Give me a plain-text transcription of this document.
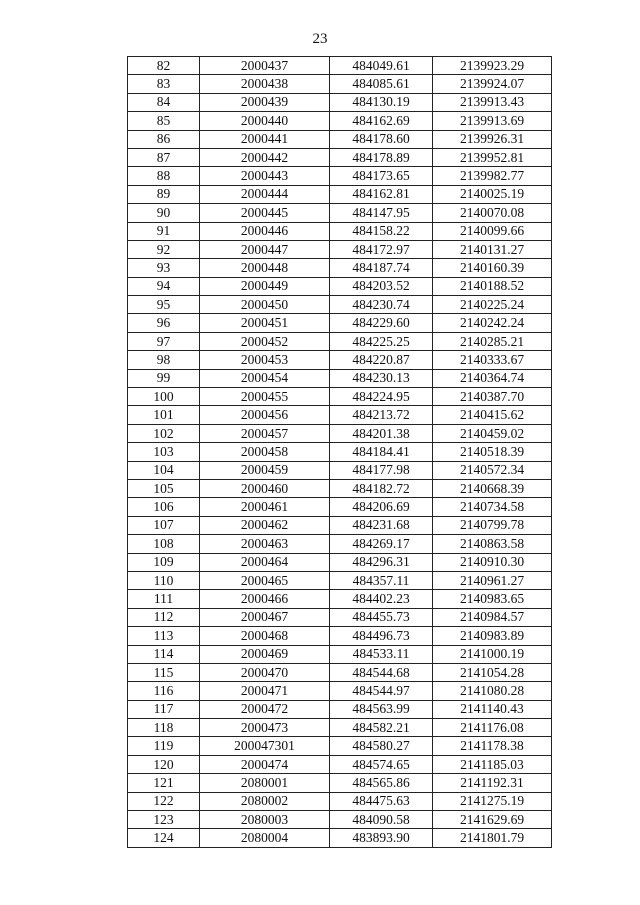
23
82	2000437	484049.61	2139923.29
83	2000438	484085.61	2139924.07
84	2000439	484130.19	2139913.43
85	2000440	484162.69	2139913.69
86	2000441	484178.60	2139926.31
87	2000442	484178.89	2139952.81
88	2000443	484173.65	2139982.77
89	2000444	484162.81	2140025.19
90	2000445	484147.95	2140070.08
91	2000446	484158.22	2140099.66
92	2000447	484172.97	2140131.27
93	2000448	484187.74	2140160.39
94	2000449	484203.52	2140188.52
95	2000450	484230.74	2140225.24
96	2000451	484229.60	2140242.24
97	2000452	484225.25	2140285.21
98	2000453	484220.87	2140333.67
99	2000454	484230.13	2140364.74
100	2000455	484224.95	2140387.70
101	2000456	484213.72	2140415.62
102	2000457	484201.38	2140459.02
103	2000458	484184.41	2140518.39
104	2000459	484177.98	2140572.34
105	2000460	484182.72	2140668.39
106	2000461	484206.69	2140734.58
107	2000462	484231.68	2140799.78
108	2000463	484269.17	2140863.58
109	2000464	484296.31	2140910.30
110	2000465	484357.11	2140961.27
111	2000466	484402.23	2140983.65
112	2000467	484455.73	2140984.57
113	2000468	484496.73	2140983.89
114	2000469	484533.11	2141000.19
115	2000470	484544.68	2141054.28
116	2000471	484544.97	2141080.28
117	2000472	484563.99	2141140.43
118	2000473	484582.21	2141176.08
119	200047301	484580.27	2141178.38
120	2000474	484574.65	2141185.03
121	2080001	484565.86	2141192.31
122	2080002	484475.63	2141275.19
123	2080003	484090.58	2141629.69
124	2080004	483893.90	2141801.79
